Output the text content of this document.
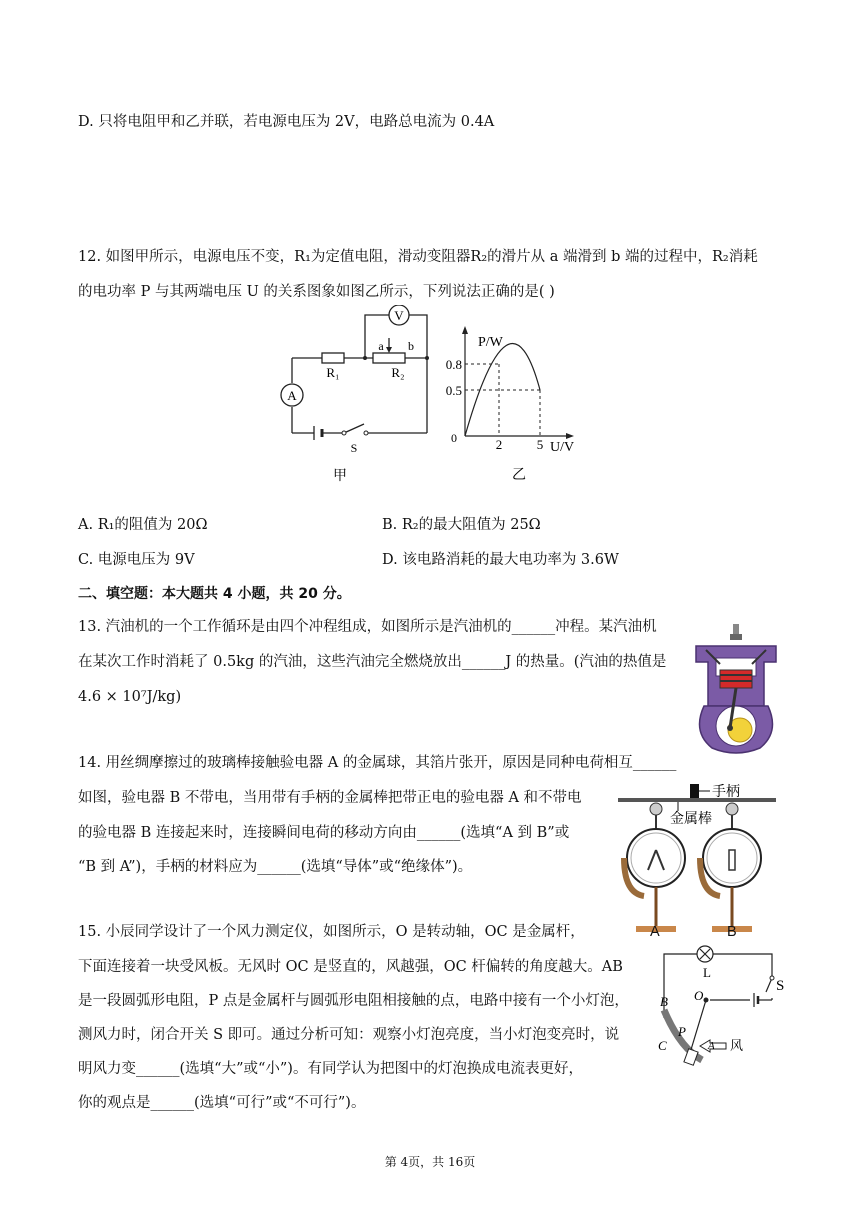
D. 只将电阻甲和乙并联，若电源电压为 2V，电路总电流为 0.4A
12. 如图甲所示，电源电压不变，R₁为定值电阻，滑动变阻器R₂的滑片从 a 端滑到 b 端的过程中，R₂消耗
的电功率 P 与其两端电压 U 的关系图象如图乙所示，下列说法正确的是( )
V
A
R₁	R₂
a b
S
甲
P/W
U/V
0
0.8
0.5
2	5
乙
A. R₁的阻值为 20Ω	B. R₂的最大阻值为 25Ω
C. 电源电压为 9V	D. 该电路消耗的最大电功率为 3.6W
二、填空题：本大题共 4 小题，共 20 分。
13. 汽油机的一个工作循环是由四个冲程组成，如图所示是汽油机的______冲程。某汽油机
在某次工作时消耗了 0.5kg 的汽油，这些汽油完全燃烧放出______J 的热量。(汽油的热值是
4.6 × 10⁷J/kg)
14. 用丝绸摩擦过的玻璃棒接触验电器 A 的金属球，其箔片张开，原因是同种电荷相互______
如图，验电器 B 不带电，当用带有手柄的金属棒把带正电的验电器 A 和不带电
的验电器 B 连接起来时，连接瞬间电荷的移动方向由______(选填“A 到 B”或
“B 到 A”)，手柄的材料应为______(选填“导体”或“绝缘体”)。
手柄
金属棒
A	B
15. 小辰同学设计了一个风力测定仪，如图所示，O 是转动轴，OC 是金属杆，
下面连接着一块受风板。无风时 OC 是竖直的，风越强，OC 杆偏转的角度越大。AB
是一段圆弧形电阻，P 点是金属杆与圆弧形电阻相接触的点，电路中接有一个小灯泡，
测风力时，闭合开关 S 即可。通过分析可知：观察小灯泡亮度，当小灯泡变亮时，说
明风力变______(选填“大”或“小”)。有同学认为把图中的灯泡换成电流表更好，
你的观点是______(选填“可行”或“不可行”)。
L
S
B O
P
C	A 风
第 4页，共 16页
